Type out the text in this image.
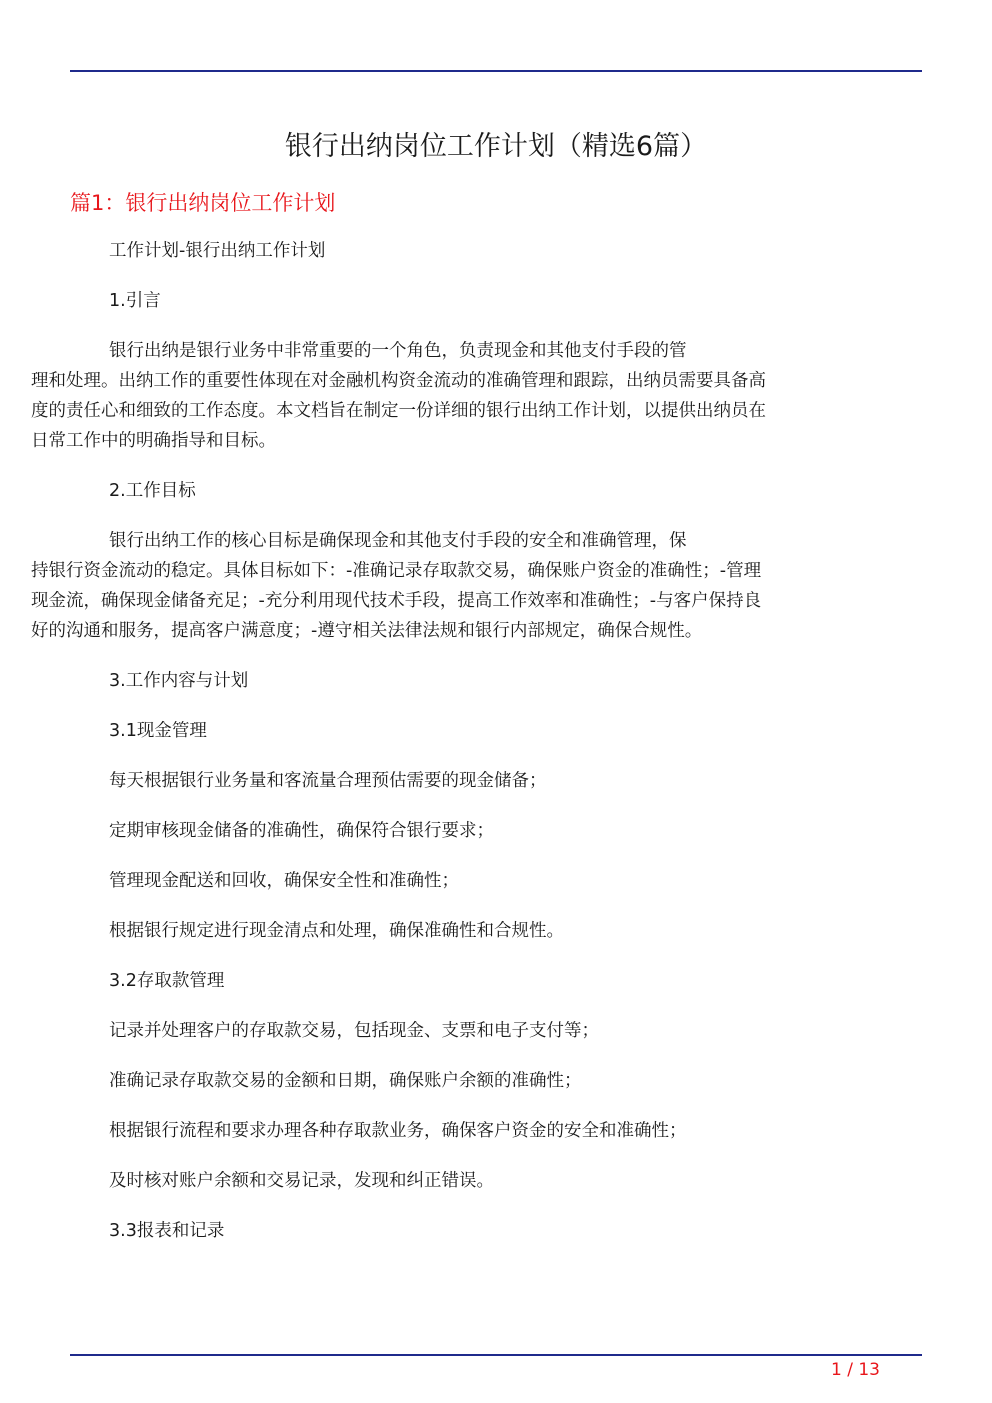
银行出纳岗位工作计划（精选6篇）
篇1：银行出纳岗位工作计划
工作计划-银行出纳工作计划
1.引言
银行出纳是银行业务中非常重要的一个角色，负责现金和其他支付手段的管
理和处理。出纳工作的重要性体现在对金融机构资金流动的准确管理和跟踪，出纳员需要具备高
度的责任心和细致的工作态度。本文档旨在制定一份详细的银行出纳工作计划，以提供出纳员在
日常工作中的明确指导和目标。
2.工作目标
银行出纳工作的核心目标是确保现金和其他支付手段的安全和准确管理，保
持银行资金流动的稳定。具体目标如下：-准确记录存取款交易，确保账户资金的准确性；-管理
现金流，确保现金储备充足；-充分利用现代技术手段，提高工作效率和准确性；-与客户保持良
好的沟通和服务，提高客户满意度；-遵守相关法律法规和银行内部规定，确保合规性。
3.工作内容与计划
3.1现金管理
每天根据银行业务量和客流量合理预估需要的现金储备；
定期审核现金储备的准确性，确保符合银行要求；
管理现金配送和回收，确保安全性和准确性；
根据银行规定进行现金清点和处理，确保准确性和合规性。
3.2存取款管理
记录并处理客户的存取款交易，包括现金、支票和电子支付等；
准确记录存取款交易的金额和日期，确保账户余额的准确性；
根据银行流程和要求办理各种存取款业务，确保客户资金的安全和准确性；
及时核对账户余额和交易记录，发现和纠正错误。
3.3报表和记录
1 / 13
